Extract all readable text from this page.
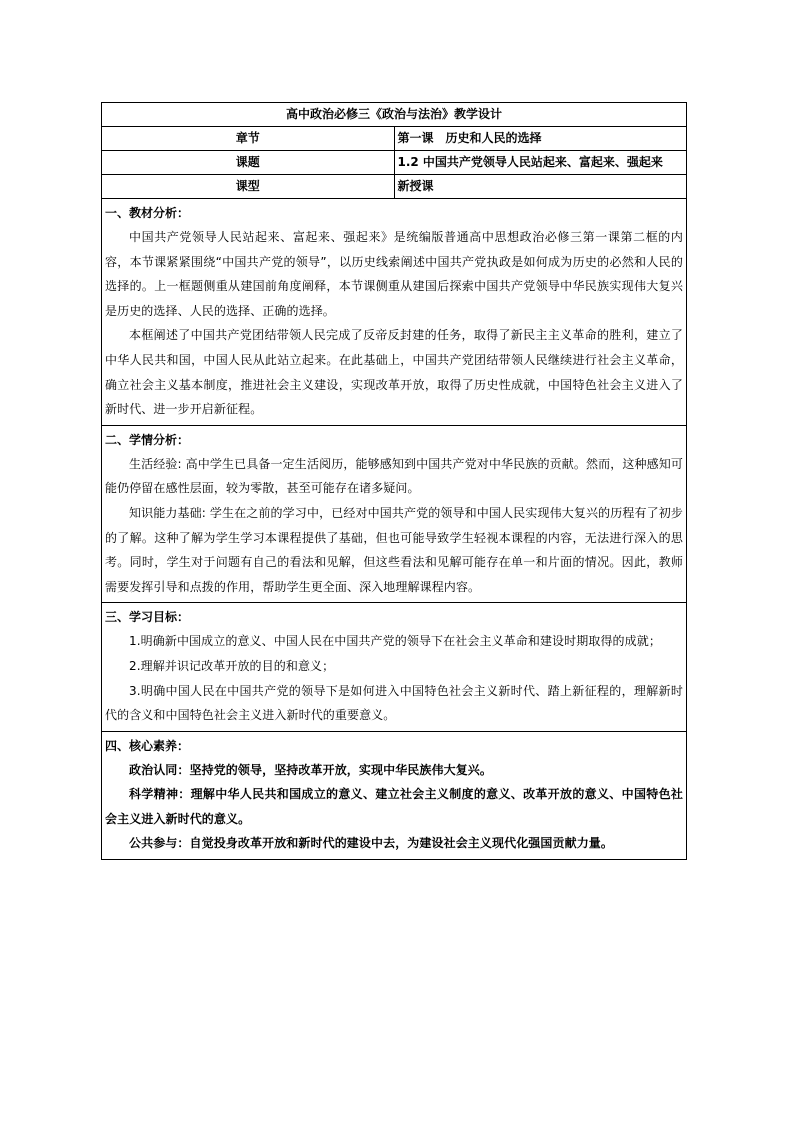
高中政治必修三《政治与法治》教学设计	
章节	第一课　历史和人民的选择
课题	1.2 中国共产党领导人民站起来、富起来、强起来
课型	新授课

一、教材分析：

中国共产党领导人民站起来、富起来、强起来》是统编版普通高中思想政治必修三第一课第二框的内容，本节课紧紧围绕“中国共产党的领导”，以历史线索阐述中国共产党执政是如何成为历史的必然和人民的选择的。上一框题侧重从建国前角度阐释，本节课侧重从建国后探索中国共产党领导中华民族实现伟大复兴是历史的选择、人民的选择、正确的选择。

本框阐述了中国共产党团结带领人民完成了反帝反封建的任务，取得了新民主主义革命的胜利，建立了中华人民共和国，中国人民从此站立起来。在此基础上，中国共产党团结带领人民继续进行社会主义革命，确立社会主义基本制度，推进社会主义建设，实现改革开放，取得了历史性成就，中国特色社会主义进入了新时代、进一步开启新征程。	

二、学情分析：

生活经验: 高中学生已具备一定生活阅历，能够感知到中国共产党对中华民族的贡献。然而，这种感知可能仍停留在感性层面，较为零散，甚至可能存在诸多疑问。

知识能力基础: 学生在之前的学习中，已经对中国共产党的领导和中国人民实现伟大复兴的历程有了初步的了解。这种了解为学生学习本课程提供了基础，但也可能导致学生轻视本课程的内容，无法进行深入的思考。同时，学生对于问题有自己的看法和见解，但这些看法和见解可能存在单一和片面的情况。因此，教师需要发挥引导和点拨的作用，帮助学生更全面、深入地理解课程内容。	

三、学习目标：

1.明确新中国成立的意义、中国人民在中国共产党的领导下在社会主义革命和建设时期取得的成就；

2.理解并识记改革开放的目的和意义；

3.明确中国人民在中国共产党的领导下是如何进入中国特色社会主义新时代、踏上新征程的，理解新时代的含义和中国特色社会主义进入新时代的重要意义。	

四、核心素养：

政治认同：坚持党的领导，坚持改革开放，实现中华民族伟大复兴。

科学精神：理解中华人民共和国成立的意义、建立社会主义制度的意义、改革开放的意义、中国特色社会主义进入新时代的意义。

公共参与：自觉投身改革开放和新时代的建设中去，为建设社会主义现代化强国贡献力量。	
